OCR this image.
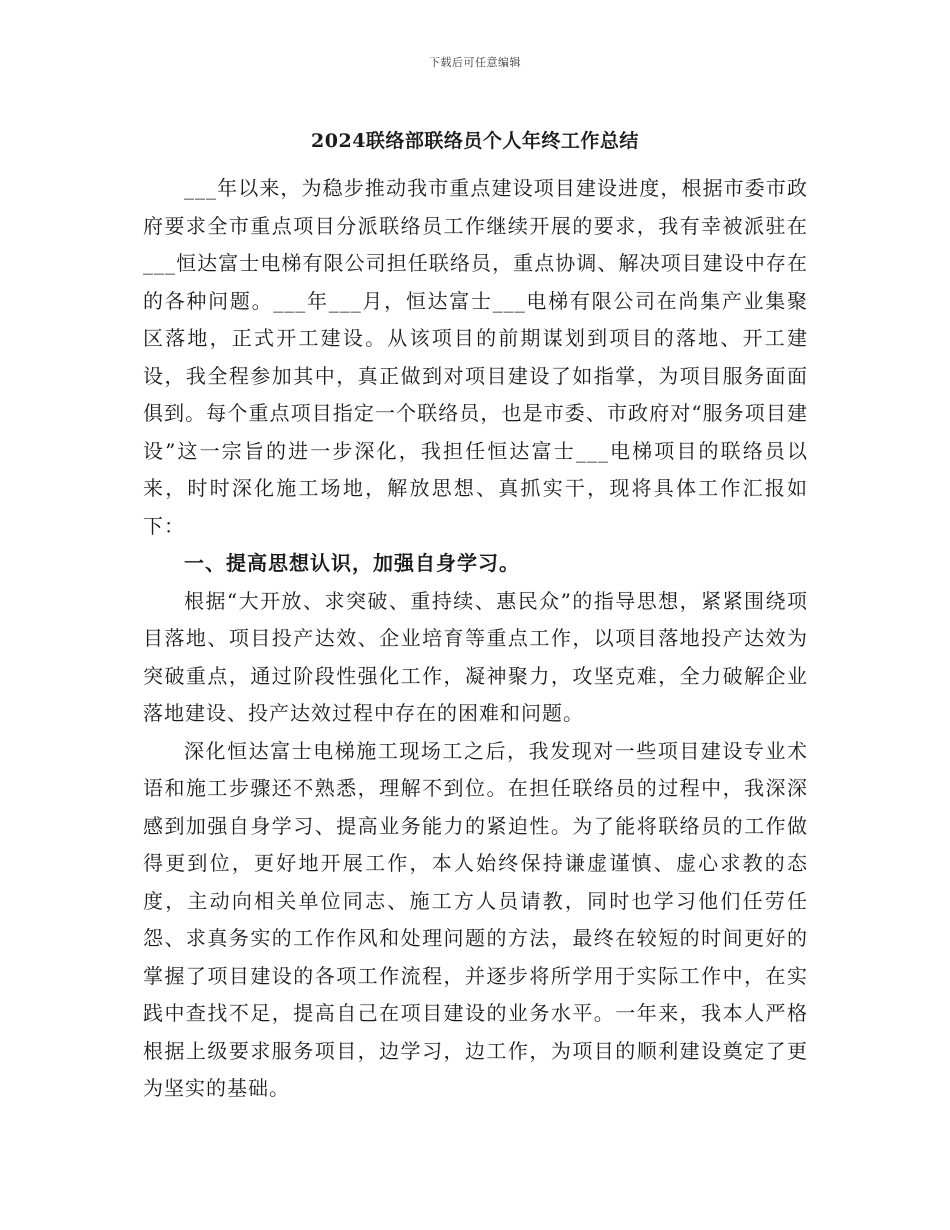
下载后可任意编辑
2024联络部联络员个人年终工作总结

___年以来，为稳步推动我市重点建设项目建设进度，根据市委市政府要求全市重点项目分派联络员工作继续开展的要求，我有幸被派驻在___恒达富士电梯有限公司担任联络员，重点协调、解决项目建设中存在的各种问题。___年___月，恒达富士___电梯有限公司在尚集产业集聚区落地，正式开工建设。从该项目的前期谋划到项目的落地、开工建设，我全程参加其中，真正做到对项目建设了如指掌，为项目服务面面俱到。每个重点项目指定一个联络员，也是市委、市政府对“服务项目建设”这一宗旨的进一步深化，我担任恒达富士___电梯项目的联络员以来，时时深化施工场地，解放思想、真抓实干，现将具体工作汇报如下：

一、提高思想认识，加强自身学习。

根据“大开放、求突破、重持续、惠民众”的指导思想，紧紧围绕项目落地、项目投产达效、企业培育等重点工作，以项目落地投产达效为突破重点，通过阶段性强化工作，凝神聚力，攻坚克难，全力破解企业落地建设、投产达效过程中存在的困难和问题。

深化恒达富士电梯施工现场工之后，我发现对一些项目建设专业术语和施工步骤还不熟悉，理解不到位。在担任联络员的过程中，我深深感到加强自身学习、提高业务能力的紧迫性。为了能将联络员的工作做得更到位，更好地开展工作，本人始终保持谦虚谨慎、虚心求教的态度，主动向相关单位同志、施工方人员请教，同时也学习他们任劳任怨、求真务实的工作作风和处理问题的方法，最终在较短的时间更好的掌握了项目建设的各项工作流程，并逐步将所学用于实际工作中，在实践中查找不足，提高自己在项目建设的业务水平。一年来，我本人严格根据上级要求服务项目，边学习，边工作，为项目的顺利建设奠定了更为坚实的基础。
